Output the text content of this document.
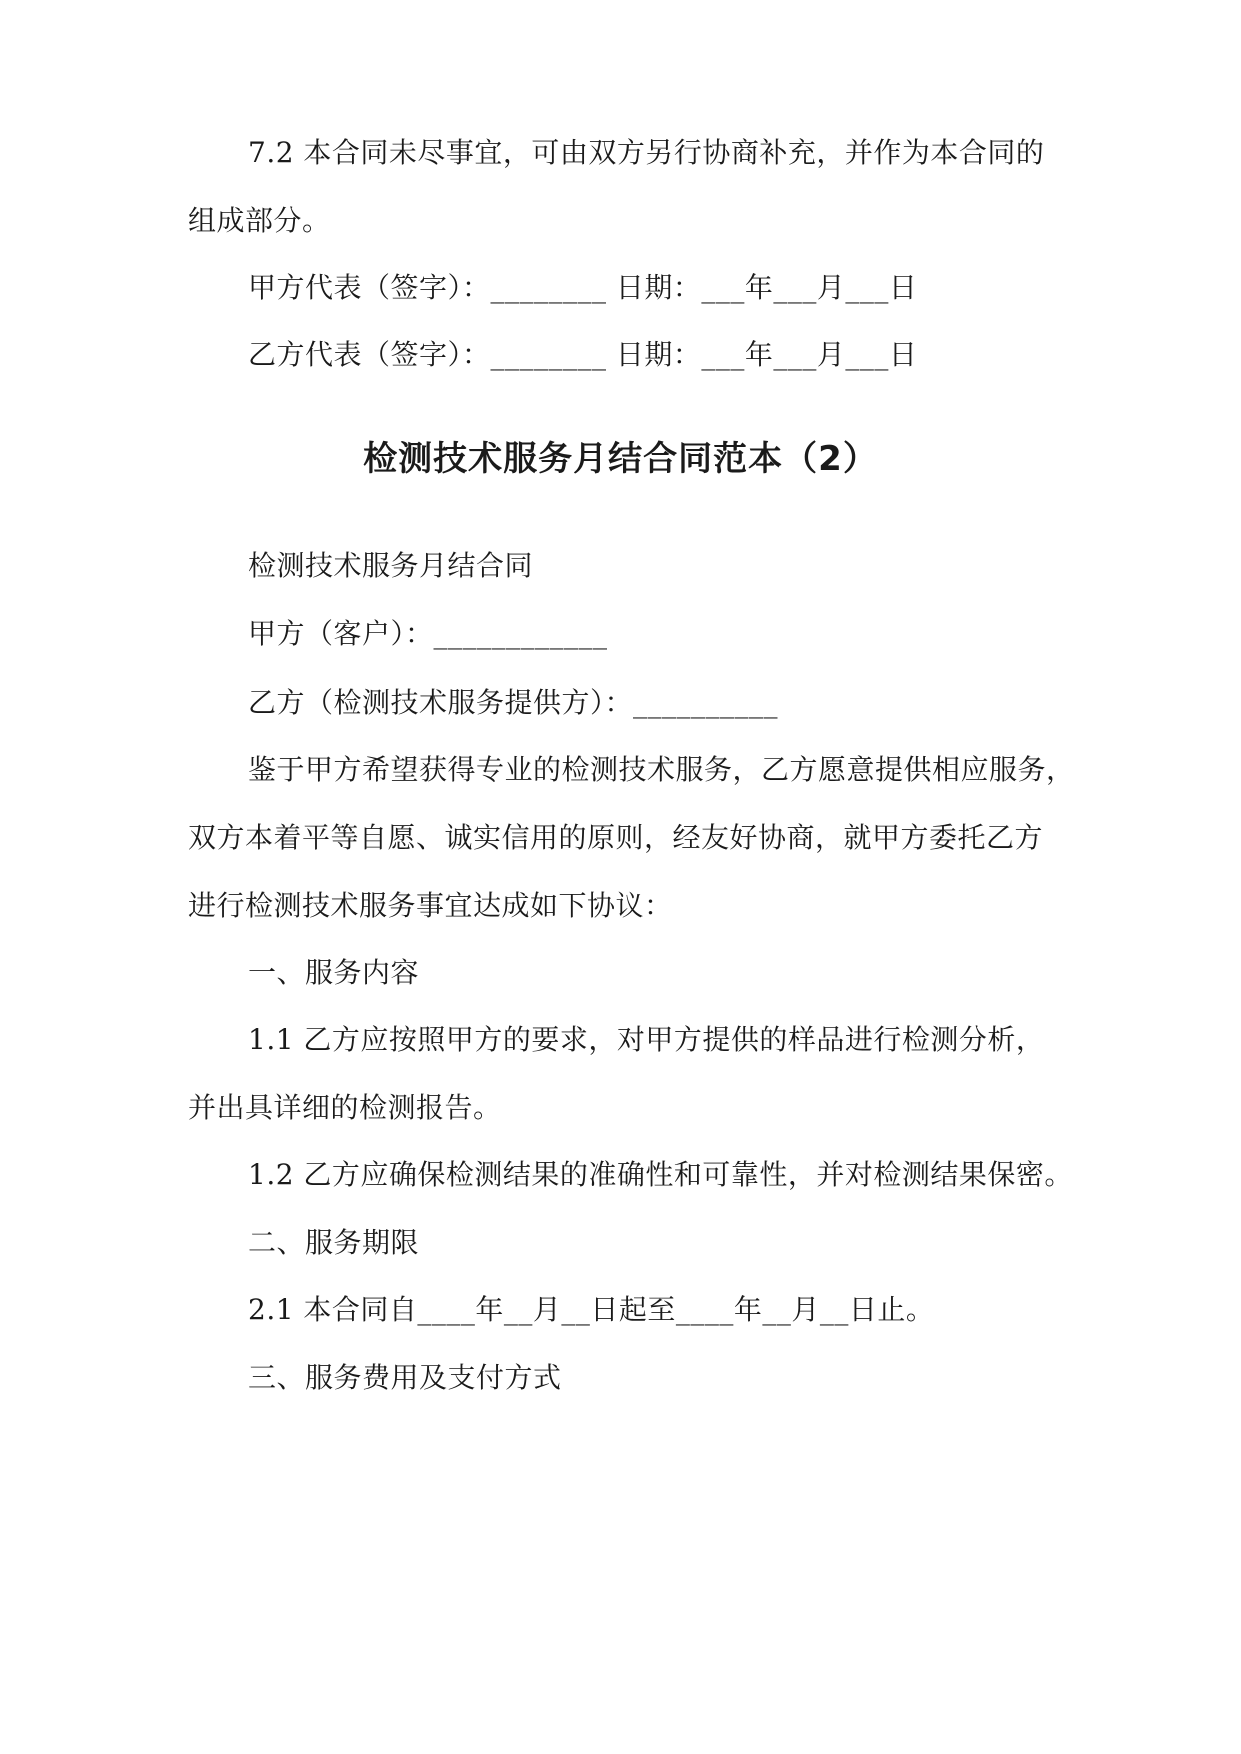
7.2 本合同未尽事宜，可由双方另行协商补充，并作为本合同的
组成部分。
甲方代表（签字）：________ 日期：___年___月___日
乙方代表（签字）：________ 日期：___年___月___日
检测技术服务月结合同范本（2）
检测技术服务月结合同
甲方（客户）：____________
乙方（检测技术服务提供方）：__________
鉴于甲方希望获得专业的检测技术服务，乙方愿意提供相应服务，
双方本着平等自愿、诚实信用的原则，经友好协商，就甲方委托乙方
进行检测技术服务事宜达成如下协议：
一、服务内容
1.1 乙方应按照甲方的要求，对甲方提供的样品进行检测分析，
并出具详细的检测报告。
1.2 乙方应确保检测结果的准确性和可靠性，并对检测结果保密。
二、服务期限
2.1 本合同自____年__月__日起至____年__月__日止。
三、服务费用及支付方式
